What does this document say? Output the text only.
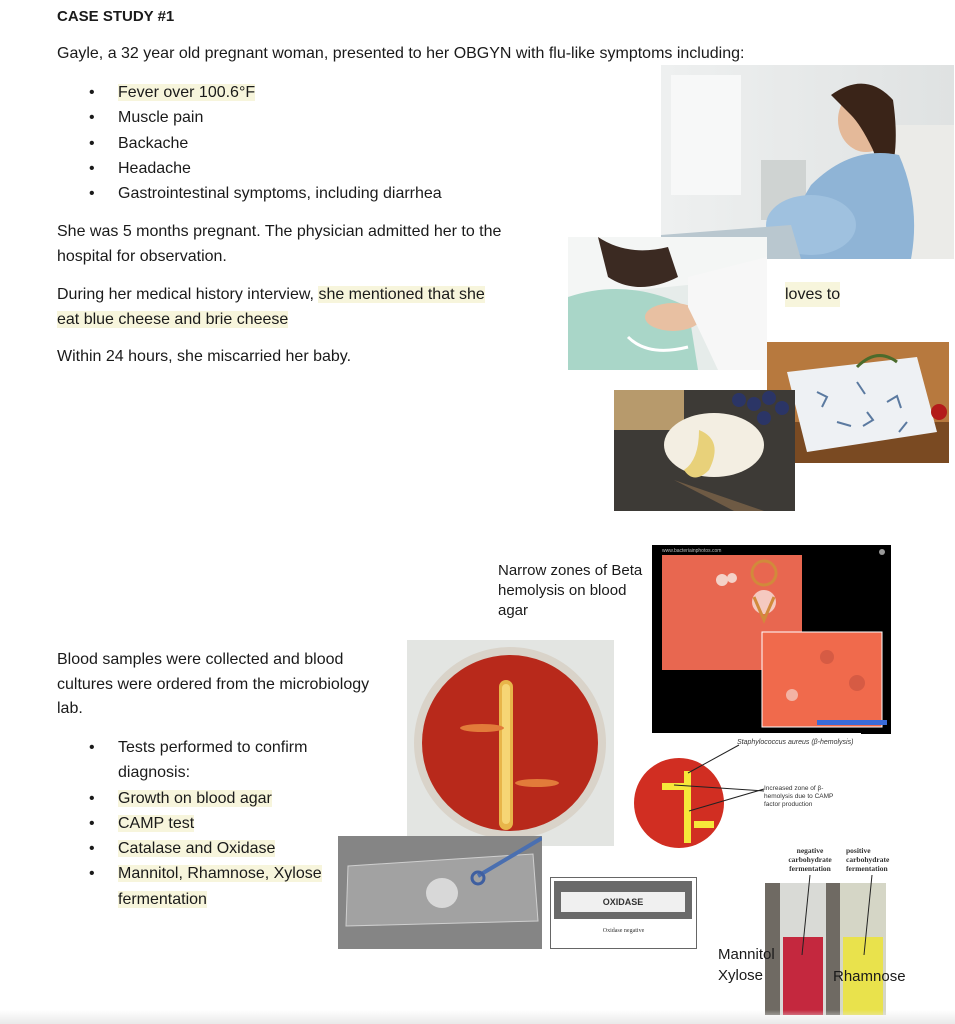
CASE STUDY #1
Gayle, a 32 year old pregnant woman, presented to her OBGYN with flu-like symptoms including:
• Fever over 100.6°F
• Muscle pain
• Backache
• Headache
• Gastrointestinal symptoms, including diarrhea
She was 5 months pregnant. The physician admitted her to the hospital for observation.
During her medical history interview, she mentioned that she
eat blue cheese and brie cheese
loves to
Within 24 hours, she miscarried her baby.
Blood samples were collected and blood cultures were ordered from the microbiology lab.
• Tests performed to confirm diagnosis:
• Growth on blood agar
• CAMP test
• Catalase and Oxidase
• Mannitol, Rhamnose, Xylose fermentation
Narrow zones of Beta hemolysis on blood agar
www.bacteriainphotos.com
Staphylococcus aureus (β-hemolysis)
Increased zone of β-hemolysis due to CAMP factor production
OXIDASE
Oxidase negative
negative carbohydrate fermentation
positive carbohydrate fermentation
Mannitol Xylose	Rhamnose
